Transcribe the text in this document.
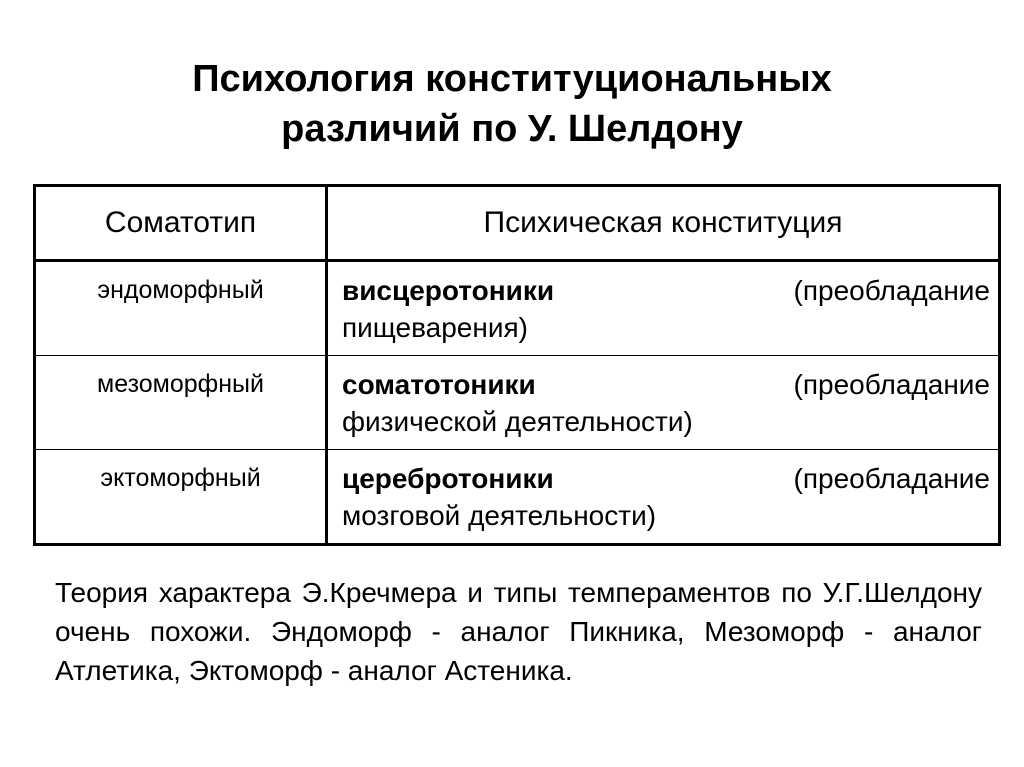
Психология конституциональных
различий по У. Шелдону
Соматотип	Психическая конституция
эндоморфный	висцеротоники (преобладание
пищеварения)

мезоморфный	соматотоники (преобладание
физической деятельности)

эктоморфный	церебротоники (преобладание
мозговой деятельности)
Теория характера Э.Кречмера и типы темпераментов по У.Г.Шелдону очень похожи. Эндоморф - аналог Пикника, Мезоморф - аналог Атлетика, Эктоморф - аналог Астеника.
